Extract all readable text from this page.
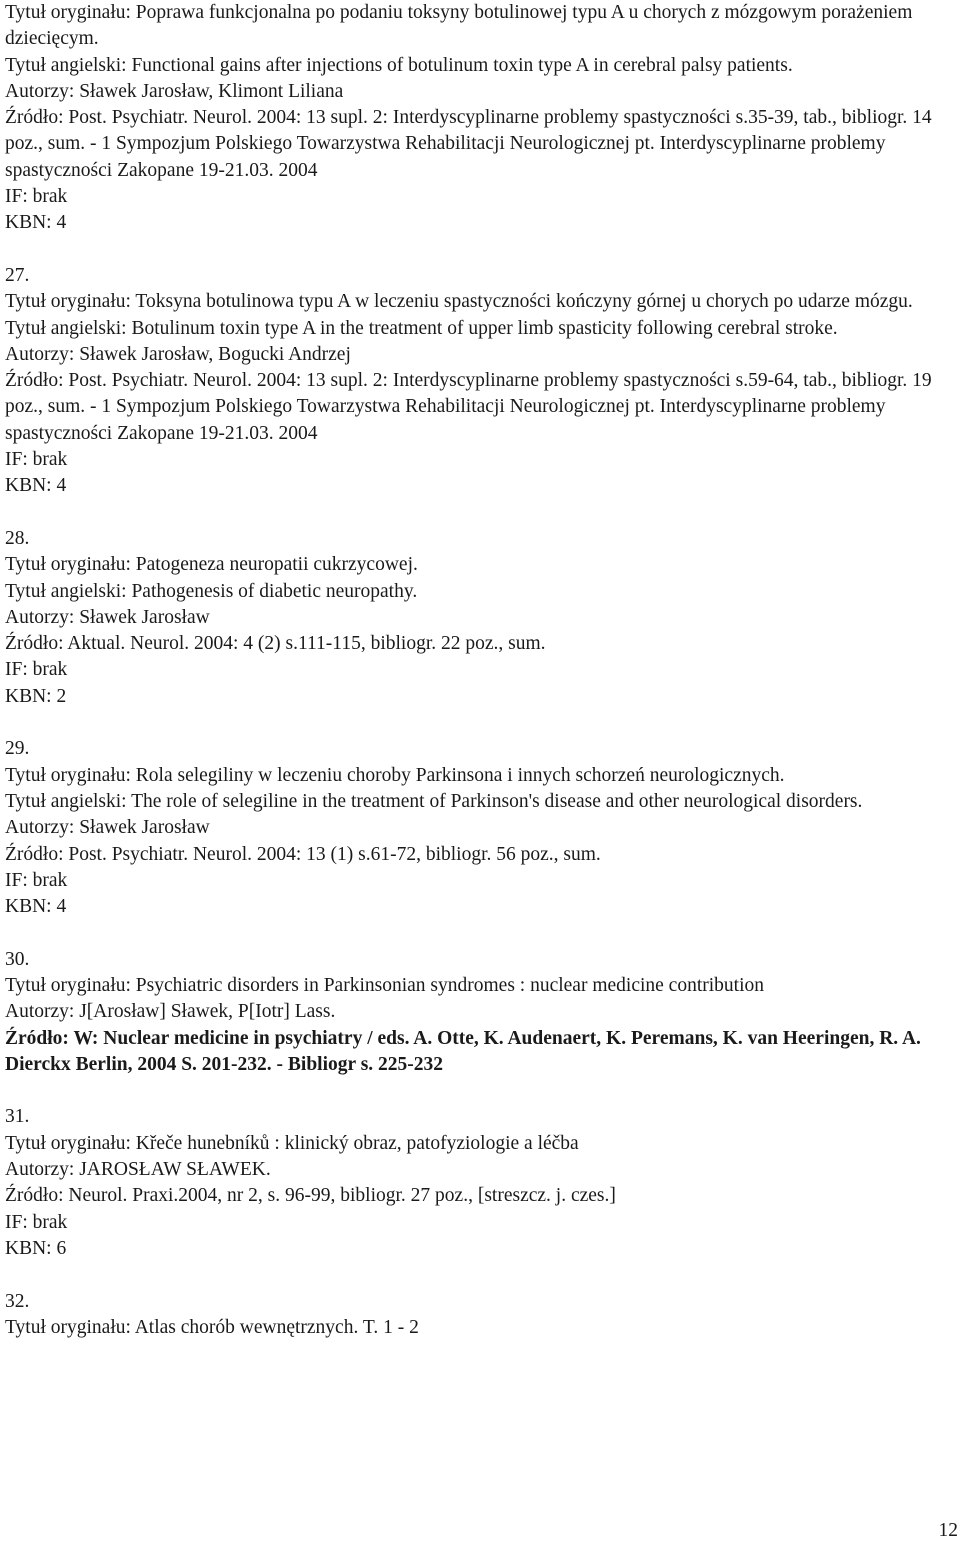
Tytuł oryginału: Poprawa funkcjonalna po podaniu toksyny botulinowej typu A u chorych z mózgowym porażeniem dziecięcym.
Tytuł angielski: Functional gains after injections of botulinum toxin type A in cerebral palsy patients.
Autorzy: Sławek Jarosław, Klimont Liliana
Źródło: Post. Psychiatr. Neurol. 2004: 13 supl. 2: Interdyscyplinarne problemy spastyczności s.35-39, tab., bibliogr. 14 poz., sum. - 1 Sympozjum Polskiego Towarzystwa Rehabilitacji Neurologicznej pt. Interdyscyplinarne problemy spastyczności Zakopane 19-21.03. 2004
IF: brak
KBN: 4
27.
Tytuł oryginału: Toksyna botulinowa typu A w leczeniu spastyczności kończyny górnej u chorych po udarze mózgu.
Tytuł angielski: Botulinum toxin type A in the treatment of upper limb spasticity following cerebral stroke.
Autorzy: Sławek Jarosław, Bogucki Andrzej
Źródło: Post. Psychiatr. Neurol. 2004: 13 supl. 2: Interdyscyplinarne problemy spastyczności s.59-64, tab., bibliogr. 19 poz., sum. - 1 Sympozjum Polskiego Towarzystwa Rehabilitacji Neurologicznej pt. Interdyscyplinarne problemy spastyczności Zakopane 19-21.03. 2004
IF: brak
KBN: 4
28.
Tytuł oryginału: Patogeneza neuropatii cukrzycowej.
Tytuł angielski: Pathogenesis of diabetic neuropathy.
Autorzy: Sławek Jarosław
Źródło: Aktual. Neurol. 2004: 4 (2) s.111-115, bibliogr. 22 poz., sum.
IF: brak
KBN: 2
29.
Tytuł oryginału: Rola selegiliny w leczeniu choroby Parkinsona i innych schorzeń neurologicznych.
Tytuł angielski: The role of selegiline in the treatment of Parkinson's disease and other neurological disorders.
Autorzy: Sławek Jarosław
Źródło: Post. Psychiatr. Neurol. 2004: 13 (1) s.61-72, bibliogr. 56 poz., sum.
IF: brak
KBN: 4
30.
Tytuł oryginału: Psychiatric disorders in Parkinsonian syndromes : nuclear medicine contribution
Autorzy: J[Arosław] Sławek, P[Iotr] Lass.
Źródło: W: Nuclear medicine in psychiatry / eds. A. Otte, K. Audenaert, K. Peremans, K. van Heeringen, R. A. Dierckx Berlin, 2004 S. 201-232. - Bibliogr s. 225-232
31.
Tytuł oryginału: Křeče hunebníků : klinický obraz, patofyziologie a léčba
Autorzy: JAROSŁAW SŁAWEK.
Źródło: Neurol. Praxi.2004, nr 2, s. 96-99, bibliogr. 27 poz., [streszcz. j. czes.]
IF: brak
KBN: 6
32.
Tytuł oryginału: Atlas chorób wewnętrznych. T. 1 - 2
12
